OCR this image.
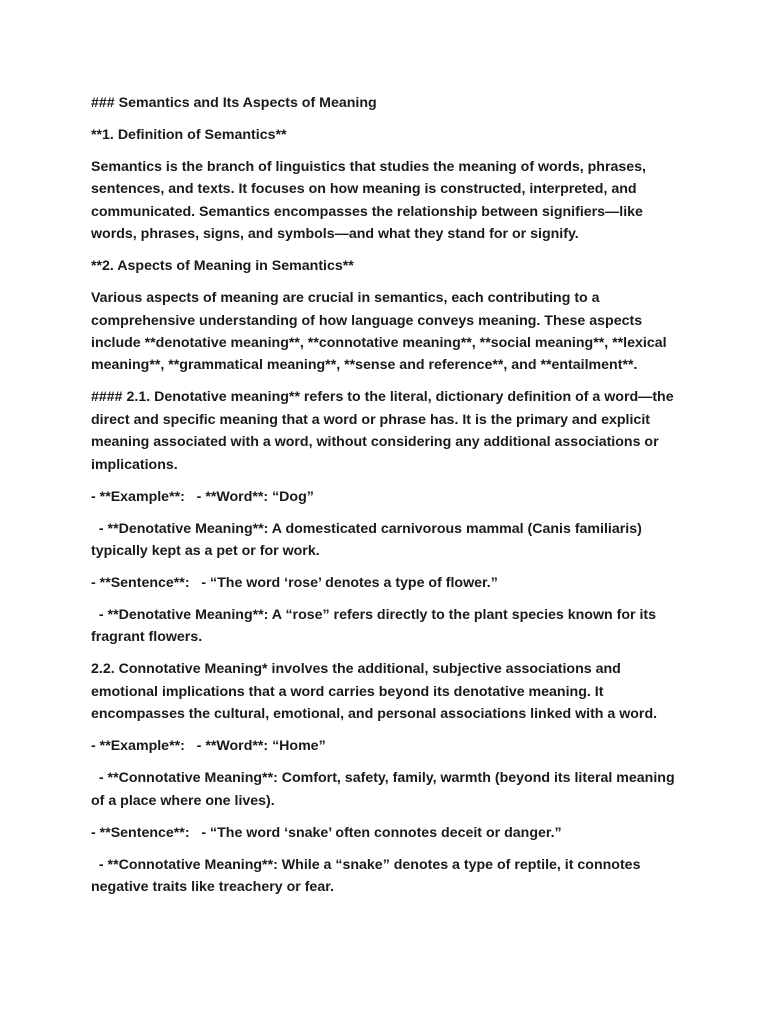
### Semantics and Its Aspects of Meaning

**1. Definition of Semantics**

Semantics is the branch of linguistics that studies the meaning of words, phrases, sentences, and texts. It focuses on how meaning is constructed, interpreted, and communicated. Semantics encompasses the relationship between signifiers—like words, phrases, signs, and symbols—and what they stand for or signify.

**2. Aspects of Meaning in Semantics**

Various aspects of meaning are crucial in semantics, each contributing to a comprehensive understanding of how language conveys meaning. These aspects include **denotative meaning**, **connotative meaning**, **social meaning**, **lexical meaning**, **grammatical meaning**, **sense and reference**, and **entailment**.

#### 2.1. Denotative meaning** refers to the literal, dictionary definition of a word—the direct and specific meaning that a word or phrase has. It is the primary and explicit meaning associated with a word, without considering any additional associations or implications.

- **Example**:   - **Word**: “Dog”

- **Denotative Meaning**: A domesticated carnivorous mammal (Canis familiaris) typically kept as a pet or for work.

- **Sentence**:   - “The word ‘rose’ denotes a type of flower.”

- **Denotative Meaning**: A “rose” refers directly to the plant species known for its fragrant flowers.

2.2. Connotative Meaning* involves the additional, subjective associations and emotional implications that a word carries beyond its denotative meaning. It encompasses the cultural, emotional, and personal associations linked with a word.

- **Example**:   - **Word**: “Home”

- **Connotative Meaning**: Comfort, safety, family, warmth (beyond its literal meaning of a place where one lives).

- **Sentence**:   - “The word ‘snake’ often connotes deceit or danger.”

- **Connotative Meaning**: While a “snake” denotes a type of reptile, it connotes negative traits like treachery or fear.
